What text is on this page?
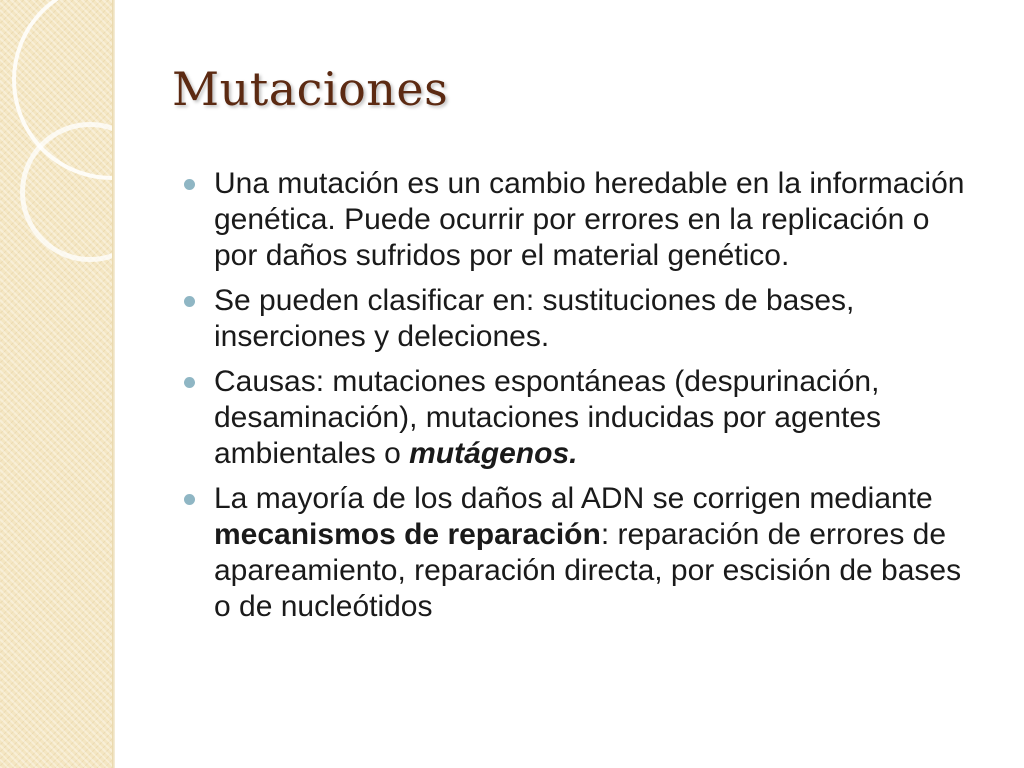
Mutaciones
Una mutación es un cambio heredable en la información genética. Puede ocurrir por errores en la replicación o por daños sufridos por el material genético.
Se pueden clasificar en: sustituciones de bases, inserciones y deleciones.
Causas: mutaciones espontáneas (despurinación, desaminación), mutaciones inducidas por agentes ambientales o mutágenos.
La mayoría de los daños al ADN se corrigen mediante mecanismos de reparación: reparación de errores de apareamiento, reparación directa, por escisión de bases o de nucleótidos
